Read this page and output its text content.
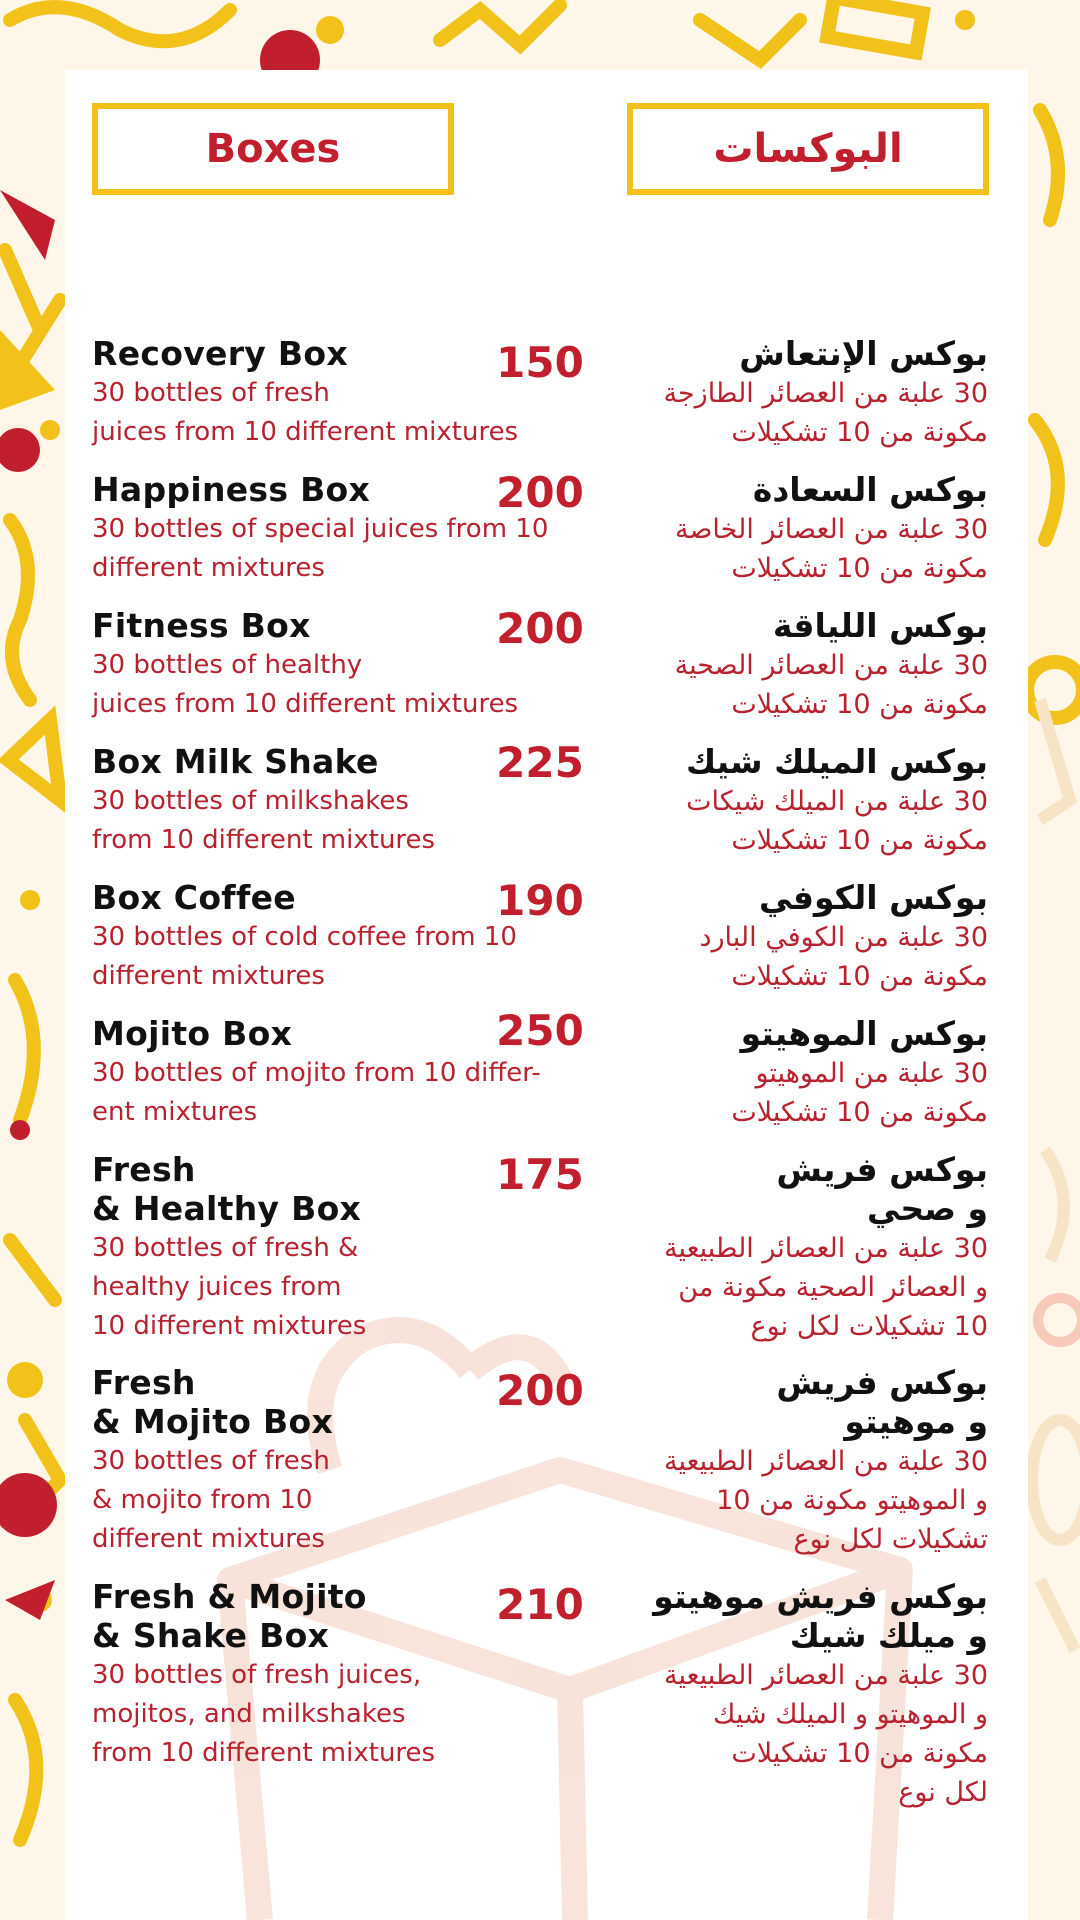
Boxes	البوكسات
Recovery Box
30 bottles of fresh
juices from 10 different mixtures
150	بوكس الإنتعاش
30 علبة من العصائر الطازجة
مكونة من 10 تشكيلات
Happiness Box
30 bottles of special juices from 10
different mixtures
200	بوكس السعادة
30 علبة من العصائر الخاصة
مكونة من 10 تشكيلات
Fitness Box
30 bottles of healthy
juices from 10 different mixtures
200	بوكس اللياقة
30 علبة من العصائر الصحية
مكونة من 10 تشكيلات
Box Milk Shake
30 bottles of milkshakes
from 10 different mixtures
225	بوكس الميلك شيك
30 علبة من الميلك شيكات
مكونة من 10 تشكيلات
Box Coffee
30 bottles of cold coffee from 10
different mixtures
190	بوكس الكوفي
30 علبة من الكوفي البارد
مكونة من 10 تشكيلات
Mojito Box
30 bottles of mojito from 10 differ-
ent mixtures
250	بوكس الموهيتو
30 علبة من الموهيتو
مكونة من 10 تشكيلات
Fresh
& Healthy Box
30 bottles of fresh &
healthy juices from
10 different mixtures
175	بوكس فريش
و صحي
30 علبة من العصائر الطبيعية
و العصائر الصحية مكونة من
10 تشكيلات لكل نوع
Fresh
& Mojito Box
30 bottles of fresh
& mojito from 10
different mixtures
200	بوكس فريش
و موهيتو
30 علبة من العصائر الطبيعية
و الموهيتو مكونة من 10
تشكيلات لكل نوع
Fresh & Mojito
& Shake Box
30 bottles of fresh juices,
mojitos, and milkshakes
from 10 different mixtures
210	بوكس فريش موهيتو
و ميلك شيك
30 علبة من العصائر الطبيعية
و الموهيتو و الميلك شيك
مكونة من 10 تشكيلات
لكل نوع
